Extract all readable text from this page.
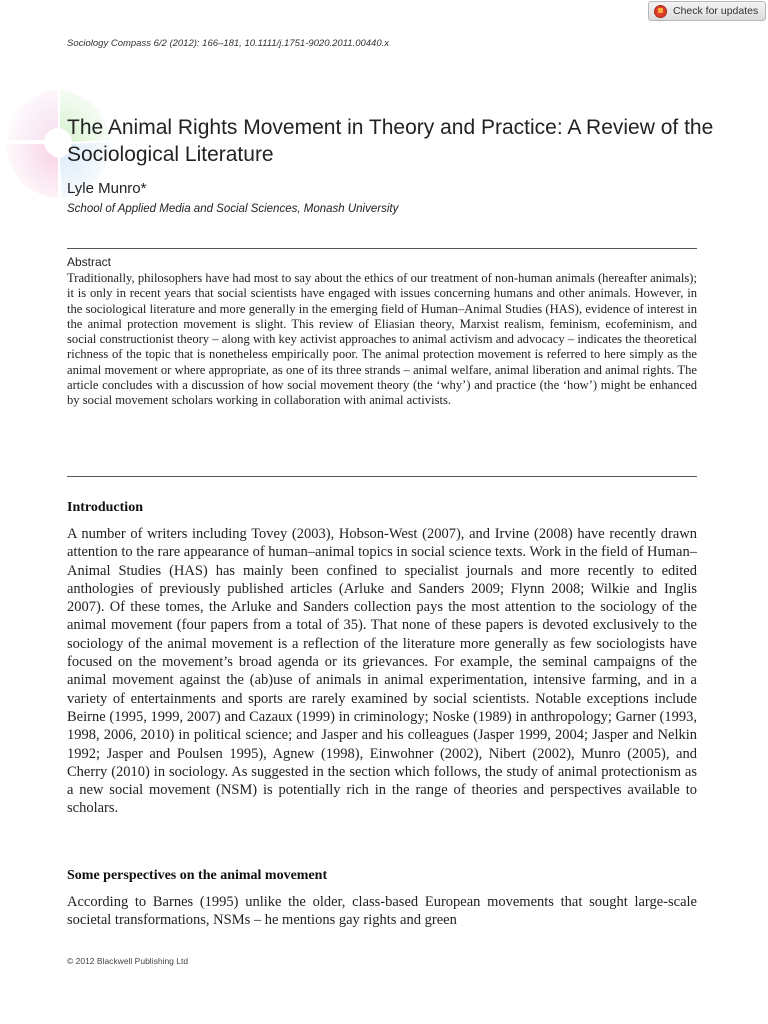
Sociology Compass 6/2 (2012): 166–181, 10.1111/j.1751-9020.2011.00440.x
Check for updates
The Animal Rights Movement in Theory and Practice: A Review of the Sociological Literature
Lyle Munro*
School of Applied Media and Social Sciences, Monash University
Abstract

Traditionally, philosophers have had most to say about the ethics of our treatment of non-human animals (hereafter animals); it is only in recent years that social scientists have engaged with issues concerning humans and other animals. However, in the sociological literature and more generally in the emerging field of Human–Animal Studies (HAS), evidence of interest in the animal protection movement is slight. This review of Eliasian theory, Marxist realism, feminism, ecofeminism, and social constructionist theory – along with key activist approaches to animal activism and advocacy – indicates the theoretical richness of the topic that is nonetheless empirically poor. The animal protection movement is referred to here simply as the animal movement or where appropriate, as one of its three strands – animal welfare, animal liberation and animal rights. The article concludes with a discussion of how social movement theory (the ‘why’) and practice (the ‘how’) might be enhanced by social movement scholars working in collaboration with animal activists.

Introduction

A number of writers including Tovey (2003), Hobson-West (2007), and Irvine (2008) have recently drawn attention to the rare appearance of human–animal topics in social science texts. Work in the field of Human–Animal Studies (HAS) has mainly been confined to specialist journals and more recently to edited anthologies of previously published articles (Arluke and Sanders 2009; Flynn 2008; Wilkie and Inglis 2007). Of these tomes, the Arluke and Sanders collection pays the most attention to the sociology of the animal movement (four papers from a total of 35). That none of these papers is devoted exclusively to the sociology of the animal movement is a reflection of the literature more generally as few sociologists have focused on the movement’s broad agenda or its grievances. For example, the seminal campaigns of the animal movement against the (ab)use of animals in animal experimentation, intensive farming, and in a variety of entertainments and sports are rarely examined by social scientists. Notable exceptions include Beirne (1995, 1999, 2007) and Cazaux (1999) in criminology; Noske (1989) in anthropology; Garner (1993, 1998, 2006, 2010) in political science; and Jasper and his colleagues (Jasper 1999, 2004; Jasper and Nelkin 1992; Jasper and Poulsen 1995), Agnew (1998), Einwohner (2002), Nibert (2002), Munro (2005), and Cherry (2010) in sociology. As suggested in the section which follows, the study of animal protectionism as a new social movement (NSM) is potentially rich in the range of theories and perspectives available to scholars.

Some perspectives on the animal movement

According to Barnes (1995) unlike the older, class-based European movements that sought large-scale societal transformations, NSMs – he mentions gay rights and green

© 2012 Blackwell Publishing Ltd
